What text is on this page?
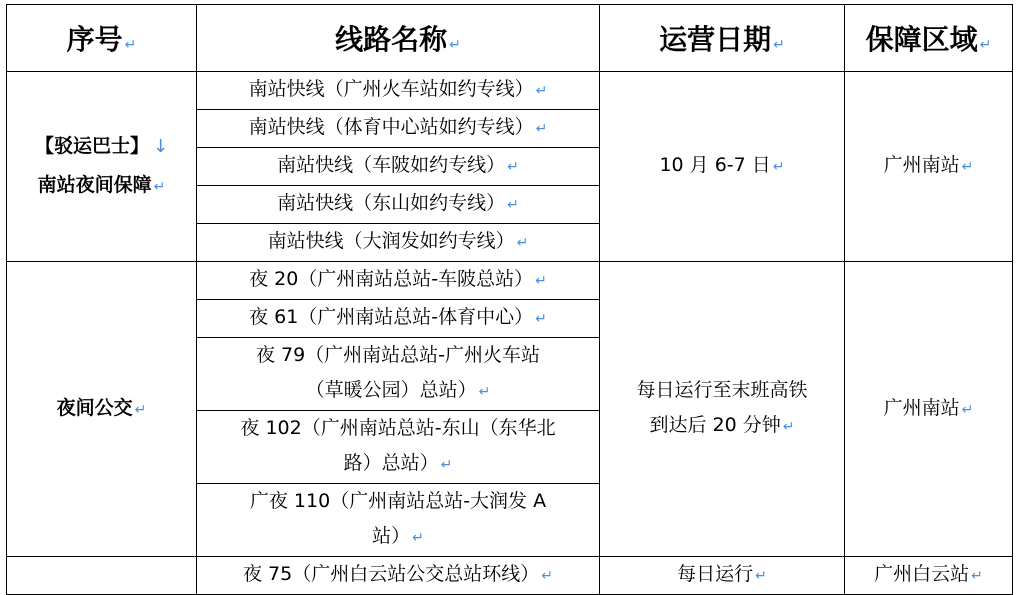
序号 ↵	线路名称 ↵	运营日期 ↵	保障区域 ↵

【驳运巴士】 ↓
南站夜间保障 ↵	南站快线（广州火车站如约专线） ↵	10 月 6-7 日 ↵	广州南站 ↵
	南站快线（体育中心站如约专线） ↵		
	南站快线（车陂如约专线） ↵		
	南站快线（东山如约专线） ↵		
	南站快线（大润发如约专线） ↵		
夜间公交 ↵	夜 20（广州南站总站-车陂总站） ↵	每日运行至末班高铁
到达后 20 分钟 ↵	广州南站 ↵
	夜 61（广州南站总站-体育中心） ↵		

	夜 79（广州南站总站-广州火车站
（草暖公园）总站） ↵		

	夜 102（广州南站总站-东山（东华北
路）总站） ↵		

	广夜 110（广州南站总站-大润发 A
站） ↵		

	夜 75（广州白云站公交总站环线） ↵	每日运行 ↵	广州白云站 ↵
